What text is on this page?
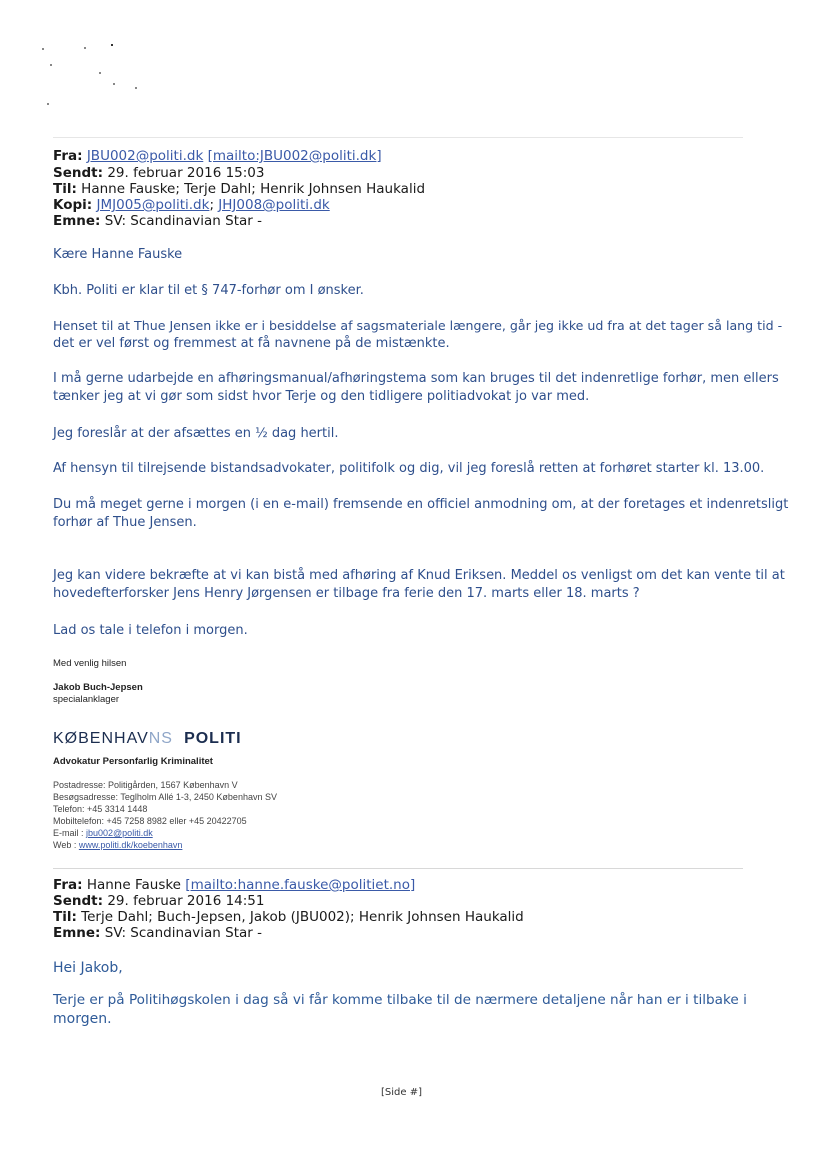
Fra: JBU002@politi.dk [mailto:JBU002@politi.dk]
Sendt: 29. februar 2016 15:03
Til: Hanne Fauske; Terje Dahl; Henrik Johnsen Haukalid
Kopi: JMJ005@politi.dk; JHJ008@politi.dk
Emne: SV: Scandinavian Star -
Kære Hanne Fauske
Kbh. Politi er klar til et § 747-forhør om I ønsker.
Henset til at Thue Jensen ikke er i besiddelse af sagsmateriale længere, går jeg ikke ud fra at det tager så lang tid -
det er vel først og fremmest at få navnene på de mistænkte.
I må gerne udarbejde en afhøringsmanual/afhøringstema som kan bruges til det indenretlige forhør, men ellers
tænker jeg at vi gør som sidst hvor Terje og den tidligere politiadvokat jo var med.
Jeg foreslår at der afsættes en ½ dag hertil.
Af hensyn til tilrejsende bistandsadvokater, politifolk og dig, vil jeg foreslå retten at forhøret starter kl. 13.00.
Du må meget gerne i morgen (i en e-mail) fremsende en officiel anmodning om, at der foretages et indenretsligt
forhør af Thue Jensen.
Jeg kan videre bekræfte at vi kan bistå med afhøring af Knud Eriksen. Meddel os venligst om det kan vente til at
hovedefterforsker Jens Henry Jørgensen er tilbage fra ferie den 17. marts eller 18. marts ?
Lad os tale i telefon i morgen.
Med venlig hilsen
Jakob Buch-Jepsen
specialanklager
KØBENHAVNS POLITI
Advokatur Personfarlig Kriminalitet
Postadresse: Politigården, 1567 København V
Besøgsadresse: Teglholm Allé 1-3, 2450 København SV
Telefon: +45 3314 1448
Mobiltelefon: +45 7258 8982 eller +45 20422705
E-mail : jbu002@politi.dk
Web : www.politi.dk/koebenhavn
Fra: Hanne Fauske [mailto:hanne.fauske@politiet.no]
Sendt: 29. februar 2016 14:51
Til: Terje Dahl; Buch-Jepsen, Jakob (JBU002); Henrik Johnsen Haukalid
Emne: SV: Scandinavian Star -
Hei Jakob,
Terje er på Politihøgskolen i dag så vi får komme tilbake til de nærmere detaljene når han er i tilbake i
morgen.
[Side #]
